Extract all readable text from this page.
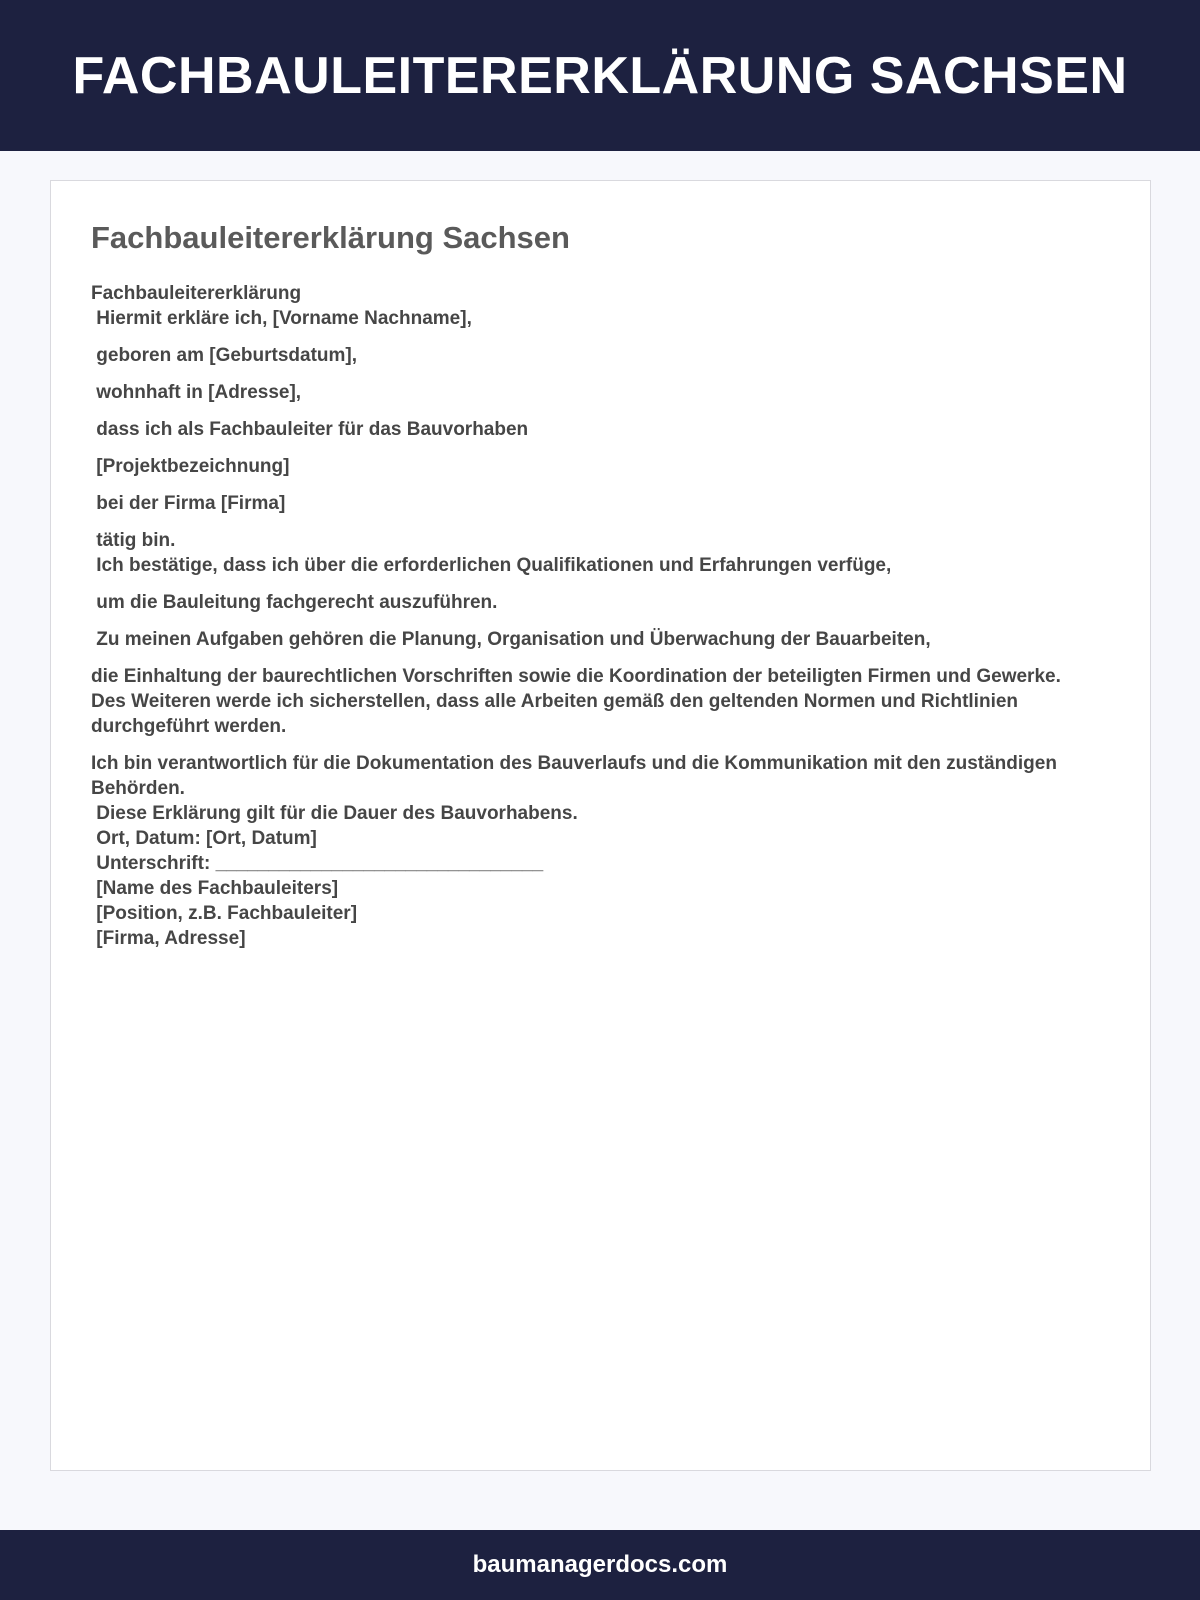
FACHBAULEITERERKLÄRUNG SACHSEN
Fachbauleitererklärung Sachsen
Fachbauleitererklärung
Hiermit erkläre ich, [Vorname Nachname],
geboren am [Geburtsdatum],
wohnhaft in [Adresse],
dass ich als Fachbauleiter für das Bauvorhaben
[Projektbezeichnung]
bei der Firma [Firma]
tätig bin.
Ich bestätige, dass ich über die erforderlichen Qualifikationen und Erfahrungen verfüge,
um die Bauleitung fachgerecht auszuführen.
Zu meinen Aufgaben gehören die Planung, Organisation und Überwachung der Bauarbeiten,
die Einhaltung der baurechtlichen Vorschriften sowie die Koordination der beteiligten Firmen und Gewerke.
Des Weiteren werde ich sicherstellen, dass alle Arbeiten gemäß den geltenden Normen und Richtlinien durchgeführt werden.
Ich bin verantwortlich für die Dokumentation des Bauverlaufs und die Kommunikation mit den zuständigen Behörden.
Diese Erklärung gilt für die Dauer des Bauvorhabens.
Ort, Datum: [Ort, Datum]
Unterschrift: _______________________________
[Name des Fachbauleiters]
[Position, z.B. Fachbauleiter]
[Firma, Adresse]
baumanagerdocs.com
